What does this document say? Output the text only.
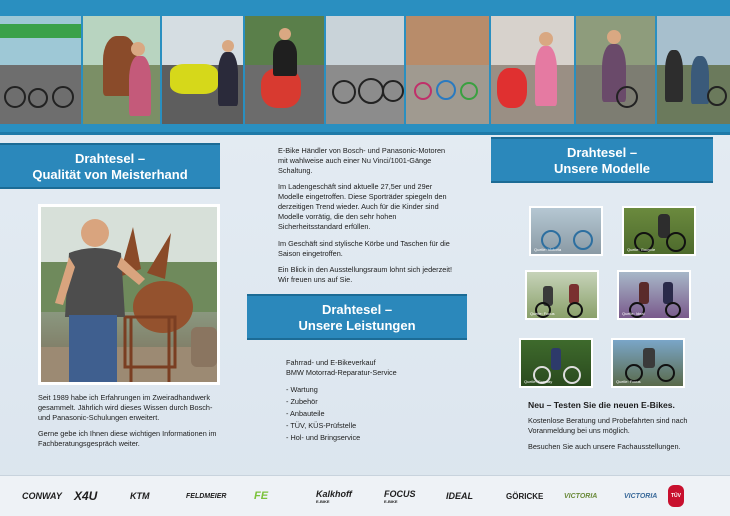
Drahtesel –
Qualität von Meisterhand

Seit 1989 habe ich Erfahrungen im Zweiradhandwerk gesammelt. Jährlich wird dieses Wissen durch Bosch- und Panasonic-Schulungen erweitert.

Gerne gebe ich Ihnen diese wichtigen Informationen im Fachberatungsgespräch weiter.

E-Bike Händler von Bosch- und Panasonic-Motoren mit wahlweise auch einer Nu Vinci/1001-Gänge Schaltung.

Im Ladengeschäft sind aktuelle 27,5er und 29er Modelle eingetroffen. Diese Sporträder spiegeln den derzeitigen Trend wieder. Auch für die Kinder sind Modelle vorrätig, die den sehr hohen Sicherheitsstandard erfüllen.

Im Geschäft sind stylische Körbe und Taschen für die Saison eingetroffen.

Ein Blick in den Ausstellungsraum lohnt sich jederzeit! Wir freuen uns auf Sie.

Drahtesel –
Unsere Leistungen
Fahrrad- und E-Bikeverkauf
BMW Motorrad-Reparatur-Service
- Wartung
- Zubehör
- Anbauteile
- TÜV, KÜS-Prüfstelle
- Hol- und Bringservice
Drahtesel –
Unsere Modelle
Quelle: Victoria	Quelle: Gocycle
Quelle: Focus	Quelle: Ideal
Quelle: Conway	Quelle: Focus
Neu – Testen Sie die neuen E-Bikes.

Kostenlose Beratung und Probefahrten sind nach Voranmeldung bei uns möglich.

Besuchen Sie auch unsere Fachausstellungen.

CONWAY	X4U	KTM	FELDMEIER	FE	Kalkhoff
E-BIKE
FOCUS
E-BIKE	IDEAL	GÖRICKE	VICTORIA	VICTORIA	TÜV
